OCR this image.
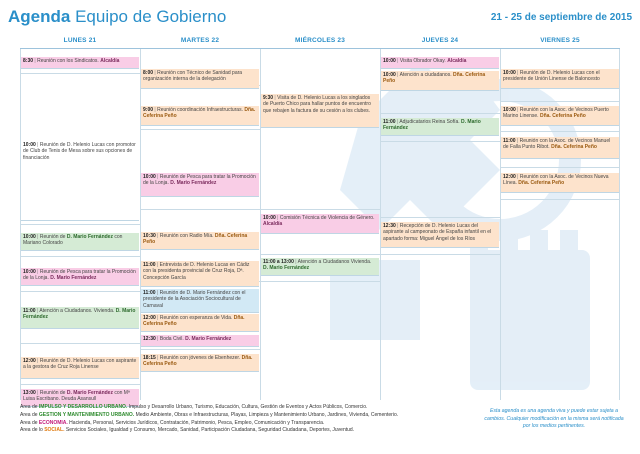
Agenda Equipo de Gobierno	21 - 25 de septiembre de 2015
LUNES 21
8:30 | Reunión con los Sindicatos. Alcaldía
10:00 | Reunión de D. Helenio Lucas con promotor de Club de Tenis de Mesa sobre sus opciones de financiación
10:00 | Reunión de D. Mario Fernández con Mariano Colorado
10:00 | Reunión de Pesca para tratar la Promoción de la Lonja. D. Mario Fernández
11:00 | Atención a Ciudadanos. Vivienda. D. Mario Fernández
12:00 | Reunión de D. Helenio Lucas con aspirante a la gestora de Cruz Roja Linense
13:00 | Reunión de D. Mario Fernández con Mª Luisa Escribano. Deuda Asansull
MARTES 22
8:00 | Reunión con Técnico de Sanidad para organización interna de la delegación
9:00 | Reunión coordinación Infraestructuras. Dña. Ceferina Peño
10:00 | Reunión de Pesca para tratar la Promoción de la Lonja. D. Mario Fernández
10:30 | Reunión con Radio Mía. Dña. Ceferina Peño
11:00 | Entrevista de D. Helenio Lucas en Cádiz con la presidenta provincial de Cruz Roja, Dª. Concepción García
11:00 | Reunión de D. Mario Fernández con el presidente de la Asociación Sociocultural de Carnaval
12:00 | Reunión con esperanza de Vida. Dña. Ceferina Peño
12:30 | Boda Civil. D. Mario Fernández
18:15 | Reunión con jóvenes de Ebenhezer. Dña. Ceferina Peño
MIÉRCOLES 23
9:30 | Visita de D. Helenio Lucas a los singlados de Puerto Chico para hallar puntos de encuentro que rebajen la factura de su cesión a los clubes.
10:00 | Comisión Técnica de Violencia de Género. Alcaldía
11:00 a 13:00 | Atención a Ciudadanos Vivienda. D. Mario Fernández
JUEVES 24
10:00 | Visita Obrador Okay. Alcaldía
10:00 | Atención a ciudadanos. Dña. Ceferina Peño
11:00 | Adjudicatarios Reina Sofía. D. Mario Fernández
12:30 | Recepción de D. Helenio Lucas del aspirante al campeonato de España infantil en el apartado forma: Miguel Ángel de los Ríos
VIERNES 25
10:00 | Reunión de D. Helenio Lucas con el presidente de Unión Linense de Baloncesto
10:00 | Reunión con la Asoc. de Vecinos Puerto Marino Linense. Dña. Ceferina Peño
11:00 | Reunión con la Asoc. de Vecinos Manuel de Falla Punto Ribot. Dña. Ceferina Peño
12:00 | Reunión con la Asoc. de Vecinos Nueva Línea. Dña. Ceferina Peño
Área de IMPULSO Y DESARROLLO URBANO. Impulso y Desarrollo Urbano, Turismo, Educación, Cultura, Gestión de Eventos y Actos Públicos, Comercio.
Área de GESTIÓN Y MANTENIMIENTO URBANO. Medio Ambiente, Obras e Infraestructuras, Playas, Limpieza y Mantenimiento Urbano, Jardines, Vivienda, Cementerio.
Área de ECONOMÍA. Hacienda, Personal, Servicios Jurídicos, Contratación, Patrimonio, Pesca, Empleo, Comunicación y Transparencia.
Área de lo SOCIAL. Servicios Sociales, Igualdad y Consumo, Mercado, Sanidad, Participación Ciudadana, Seguridad Ciudadana, Deportes, Juventud.
Esta agenda es una agenda viva y puede estar sujeta a cambios. Cualquier modificación en la misma será notificada por los medios pertinentes.
